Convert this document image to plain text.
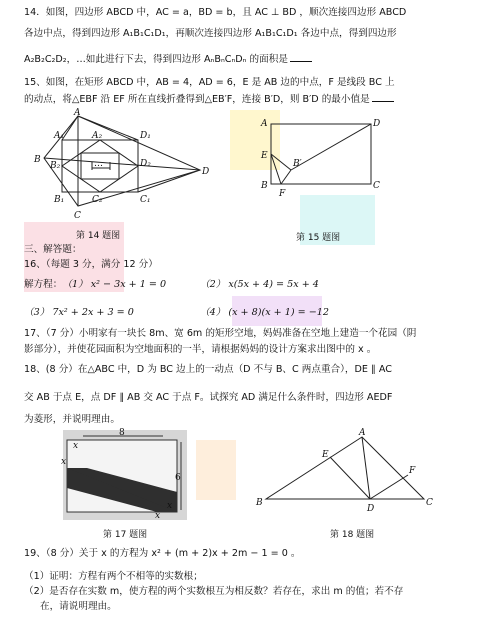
14．如图，四边形 ABCD 中，AC = a，BD = b，且 AC ⊥ BD ，顺次连接四边形 ABCD
各边中点，得到四边形 A₁B₁C₁D₁，再顺次连接四边形 A₁B₁C₁D₁ 各边中点，得到四边形
A₂B₂C₂D₂，…如此进行下去，得到四边形 AₙBₙCₙDₙ 的面积是
15、如图，在矩形 ABCD 中，AB = 4，AD = 6，E 是 AB 边的中点，F 是线段 BC 上
的动点，将△EBF 沿 EF 所在直线折叠得到△EB′F，连接 B′D，则 B′D 的最小值是
A
B
C
D
A₁
B₁	C₁
D₁
A₂
B₂
C₂
D₂
…
第 14 题图
A	D
E
B	C
F
B′
第 15 题图
三、解答题：
16、（每题 3 分，满分 12 分）
解方程：（1） x² − 3x + 1 = 0	（2） x(5x + 4) = 5x + 4
（3） 7x² + 2x + 3 = 0	（4） (x + 8)(x + 1) = −12
17、（7 分）小明家有一块长 8m、宽 6m 的矩形空地，妈妈准备在空地上建造一个花园（阴
影部分），并使花园面积为空地面积的一半，请根据妈妈的设计方案求出图中的 x 。
18、(8 分）在△ABC 中，D 为 BC 边上的一动点（D 不与 B、C 两点重合），DE ∥ AC
交 AB 于点 E，点 DF ∥ AB 交 AC 于点 F。试探究 AD 满足什么条件时，四边形 AEDF
为菱形，并说明理由。
8
6
x
x
x
x
第 17 题图
A
B	C
D
E
F
第 18 题图
19、（8 分）关于 x 的方程为 x² + (m + 2)x + 2m − 1 = 0 。
（1）证明：方程有两个不相等的实数根；
（2）是否存在实数 m，使方程的两个实数根互为相反数？若存在，求出 m 的值；若不存
在，请说明理由。
